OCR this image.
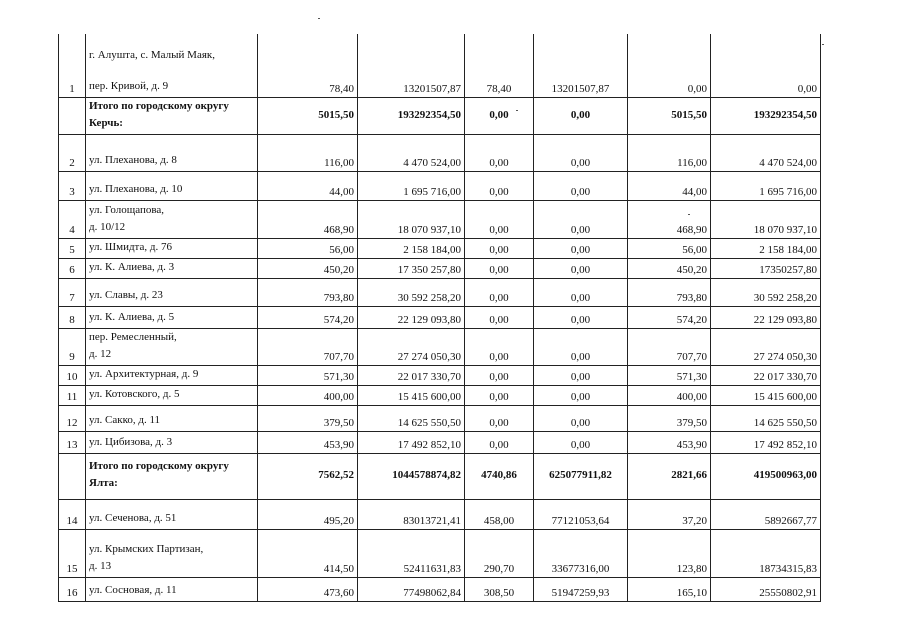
1	г. Алушта, с. Малый Маяк,
пер. Кривой, д. 9	78,40	13201507,87	78,40	13201507,87	0,00	0,00

	Итого по городскому округу
Керчь:	5015,50	193292354,50	0,00	0,00	5015,50	193292354,50
2	ул. Плеханова, д. 8	116,00	4 470 524,00	0,00	0,00	116,00	4 470 524,00
3	ул. Плеханова, д. 10	44,00	1 695 716,00	0,00	0,00	44,00	1 695 716,00
4	ул. Голощапова,
д. 10/12	468,90	18 070 937,10	0,00	0,00	468,90	18 070 937,10
5	ул. Шмидта, д. 76	56,00	2 158 184,00	0,00	0,00	56,00	2 158 184,00
6	ул. К. Алиева, д. 3	450,20	17 350 257,80	0,00	0,00	450,20	17350257,80
7	ул. Славы, д. 23	793,80	30 592 258,20	0,00	0,00	793,80	30 592 258,20
8	ул. К. Алиева, д. 5	574,20	22 129 093,80	0,00	0,00	574,20	22 129 093,80
9	пер. Ремесленный,
д. 12	707,70	27 274 050,30	0,00	0,00	707,70	27 274 050,30
10	ул. Архитектурная, д. 9	571,30	22 017 330,70	0,00	0,00	571,30	22 017 330,70
11	ул. Котовского, д. 5	400,00	15 415 600,00	0,00	0,00	400,00	15 415 600,00
12	ул. Сакко, д. 11	379,50	14 625 550,50	0,00	0,00	379,50	14 625 550,50
13	ул. Цибизова, д. 3	453,90	17 492 852,10	0,00	0,00	453,90	17 492 852,10

	Итого по городскому округу
Ялта:	7562,52	1044578874,82	4740,86	625077911,82	2821,66	419500963,00
14	ул. Сеченова, д. 51	495,20	83013721,41	458,00	77121053,64	37,20	5892667,77
15	ул. Крымских Партизан,
д. 13	414,50	52411631,83	290,70	33677316,00	123,80	18734315,83
16	ул. Сосновая, д. 11	473,60	77498062,84	308,50	51947259,93	165,10	25550802,91
